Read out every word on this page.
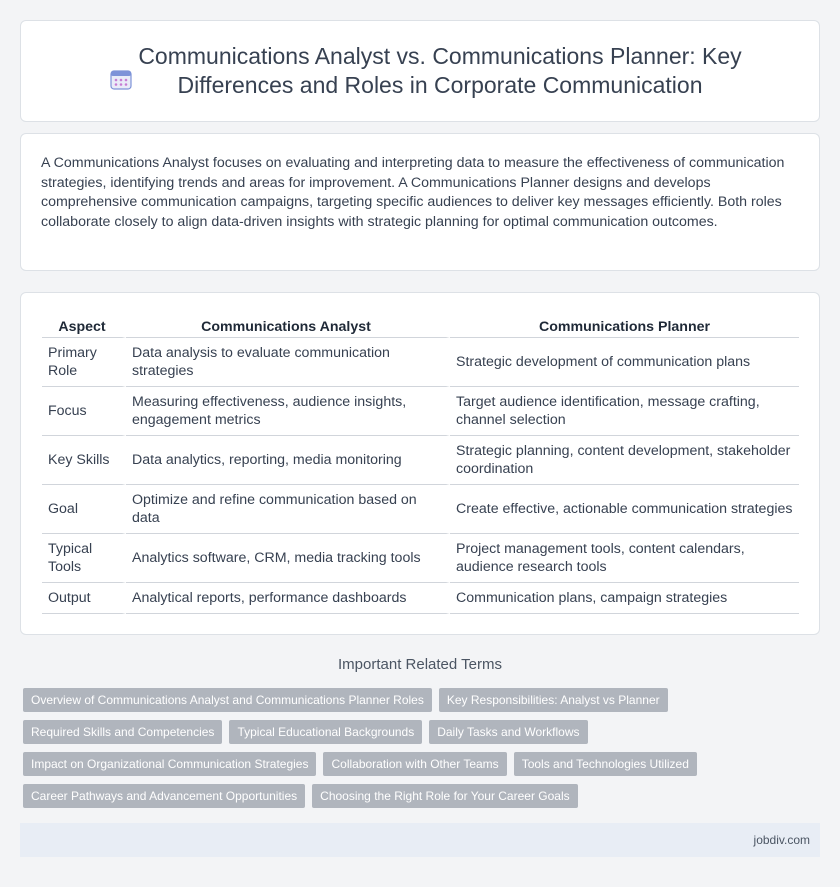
Communications Analyst vs. Communications Planner: Key Differences and Roles in Corporate Communication

A Communications Analyst focuses on evaluating and interpreting data to measure the effectiveness of communication strategies, identifying trends and areas for improvement. A Communications Planner designs and develops comprehensive communication campaigns, targeting specific audiences to deliver key messages efficiently. Both roles collaborate closely to align data-driven insights with strategic planning for optimal communication outcomes.

Aspect	Communications Analyst	Communications Planner
Primary Role	Data analysis to evaluate communication strategies	Strategic development of communication plans
Focus	Measuring effectiveness, audience insights, engagement metrics	Target audience identification, message crafting, channel selection
Key Skills	Data analytics, reporting, media monitoring	Strategic planning, content development, stakeholder coordination
Goal	Optimize and refine communication based on data	Create effective, actionable communication strategies
Typical Tools	Analytics software, CRM, media tracking tools	Project management tools, content calendars, audience research tools
Output	Analytical reports, performance dashboards	Communication plans, campaign strategies
Important Related Terms
Overview of Communications Analyst and Communications Planner Roles	Key Responsibilities: Analyst vs Planner
Required Skills and Competencies	Typical Educational Backgrounds	Daily Tasks and Workflows
Impact on Organizational Communication Strategies	Collaboration with Other Teams	Tools and Technologies Utilized
Career Pathways and Advancement Opportunities	Choosing the Right Role for Your Career Goals
jobdiv.com
